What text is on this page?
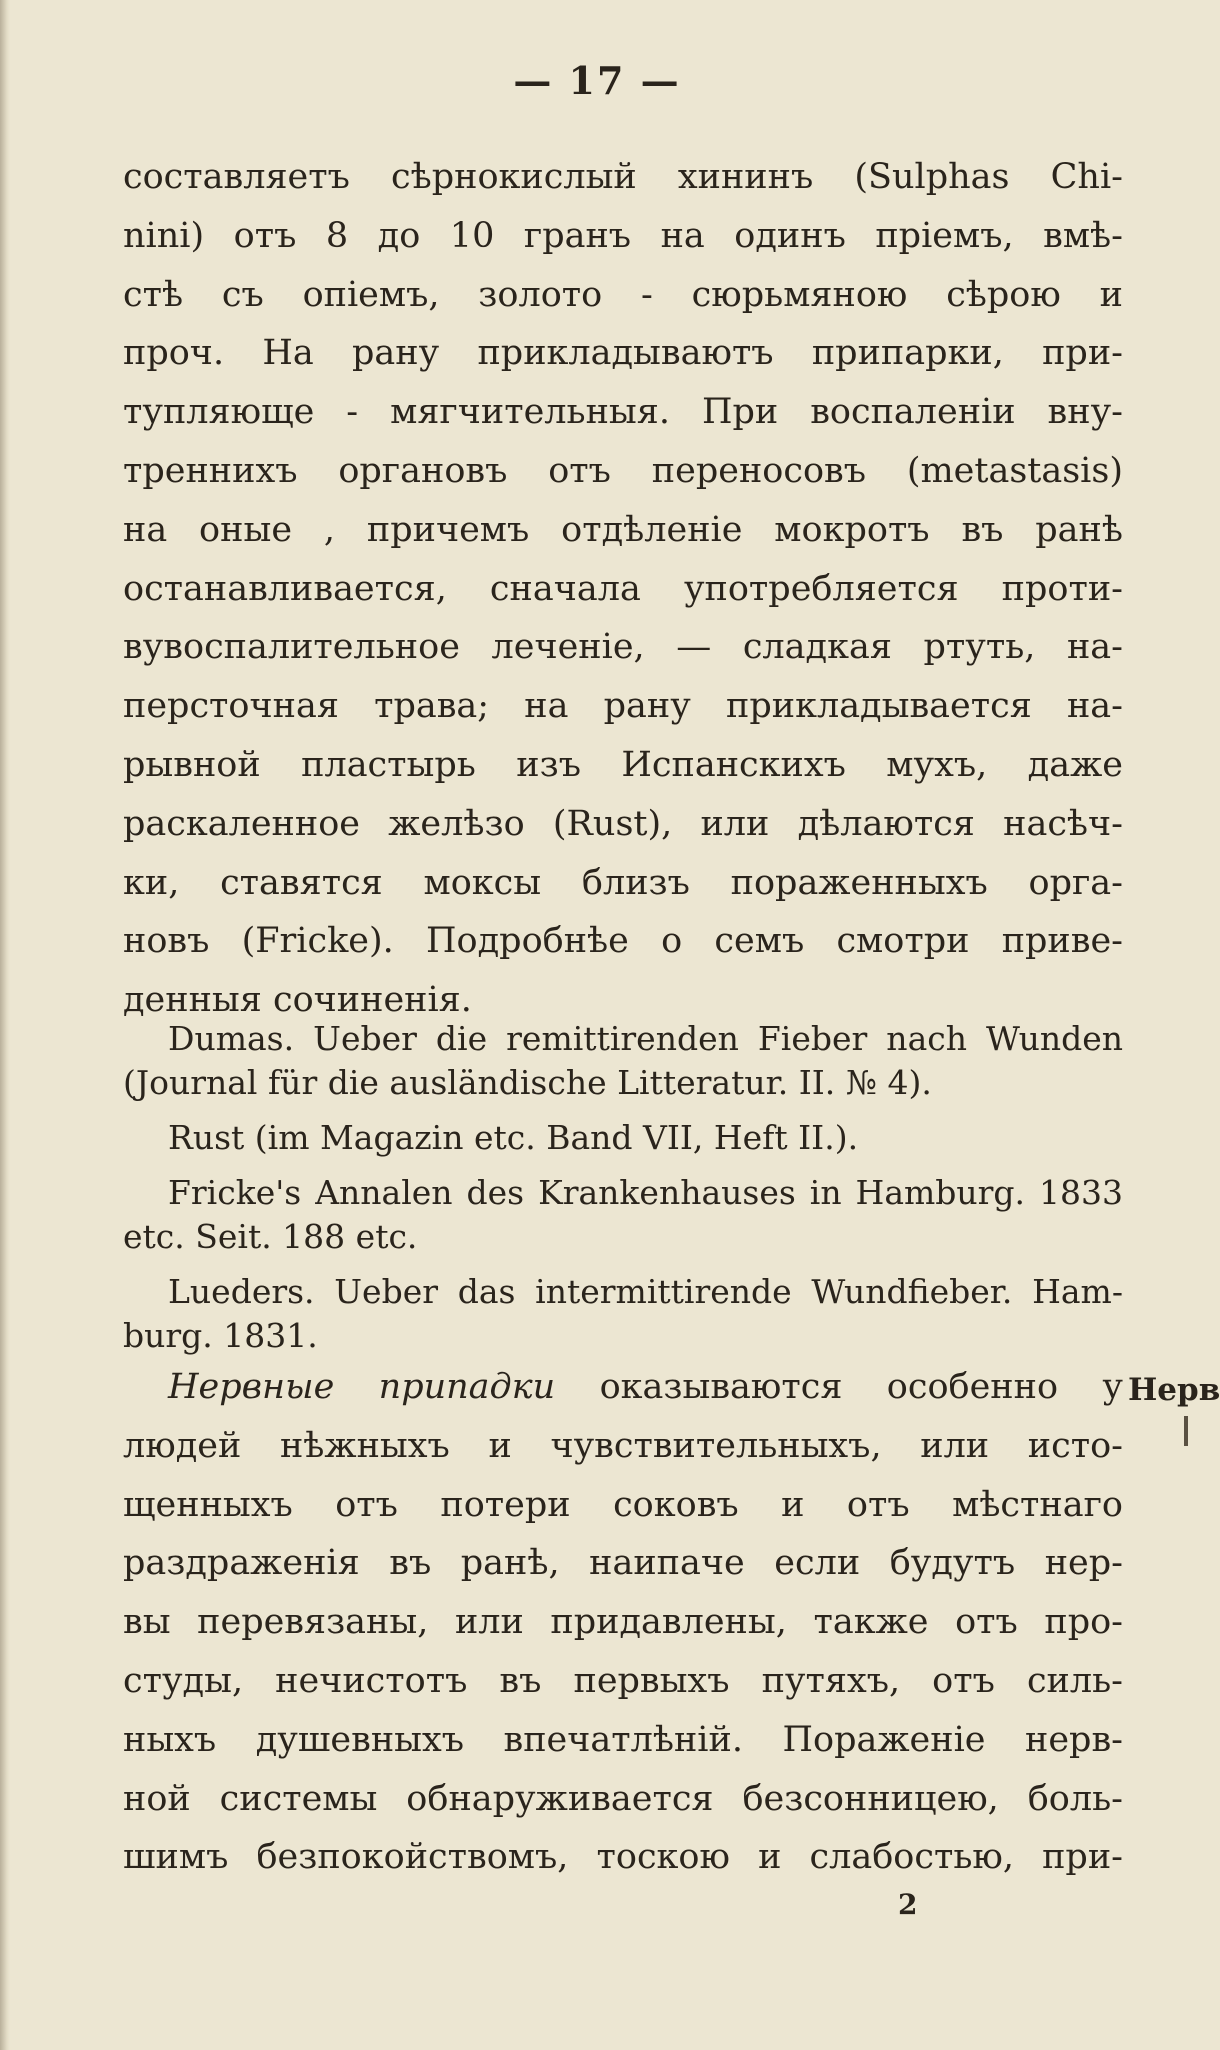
— 17 —
составляетъ сѣрнокислый хининъ (Sulphas Chi-
nini) отъ 8 до 10 гранъ на одинъ пріемъ, вмѣ-
стѣ съ опіемъ, золото - сюрьмяною сѣрою и
проч. На рану прикладываютъ припарки, при-
тупляюще - мягчительныя. При воспаленіи вну-
треннихъ органовъ отъ переносовъ (metastasis)
на оные , причемъ отдѣленіе мокротъ въ ранѣ
останавливается, сначала употребляется проти-
вувоспалительное леченіе, — сладкая ртуть, на-
персточная трава; на рану прикладывается на-
рывной пластырь изъ Испанскихъ мухъ, даже
раскаленное желѣзо (Rust), или дѣлаются насѣч-
ки, ставятся моксы близъ пораженныхъ орга-
новъ (Fricke). Подробнѣе о семъ смотри приве-
денныя сочиненія.
Dumas. Ueber die remittirenden Fieber nach Wunden
(Journal für die ausländische Litteratur. II. № 4).
Rust (im Magazin etc. Band VII, Heft II.).
Fricke's Annalen des Krankenhauses in Hamburg. 1833
etc. Seit. 188 etc.
Lueders. Ueber das intermittirende Wundfieber. Ham-
burg. 1831.
Нервные припадки оказываются особенно у
людей нѣжныхъ и чувствительныхъ, или исто-
щенныхъ отъ потери соковъ и отъ мѣстнаго
раздраженія въ ранѣ, наипаче если будутъ нер-
вы перевязаны, или придавлены, также отъ про-
студы, нечистотъ въ первыхъ путяхъ, отъ силь-
ныхъ душевныхъ впечатлѣній. Пораженіе нерв-
ной системы обнаруживается безсонницею, боль-
шимъ безпокойствомъ, тоскою и слабостью, при-
Нерв
2
